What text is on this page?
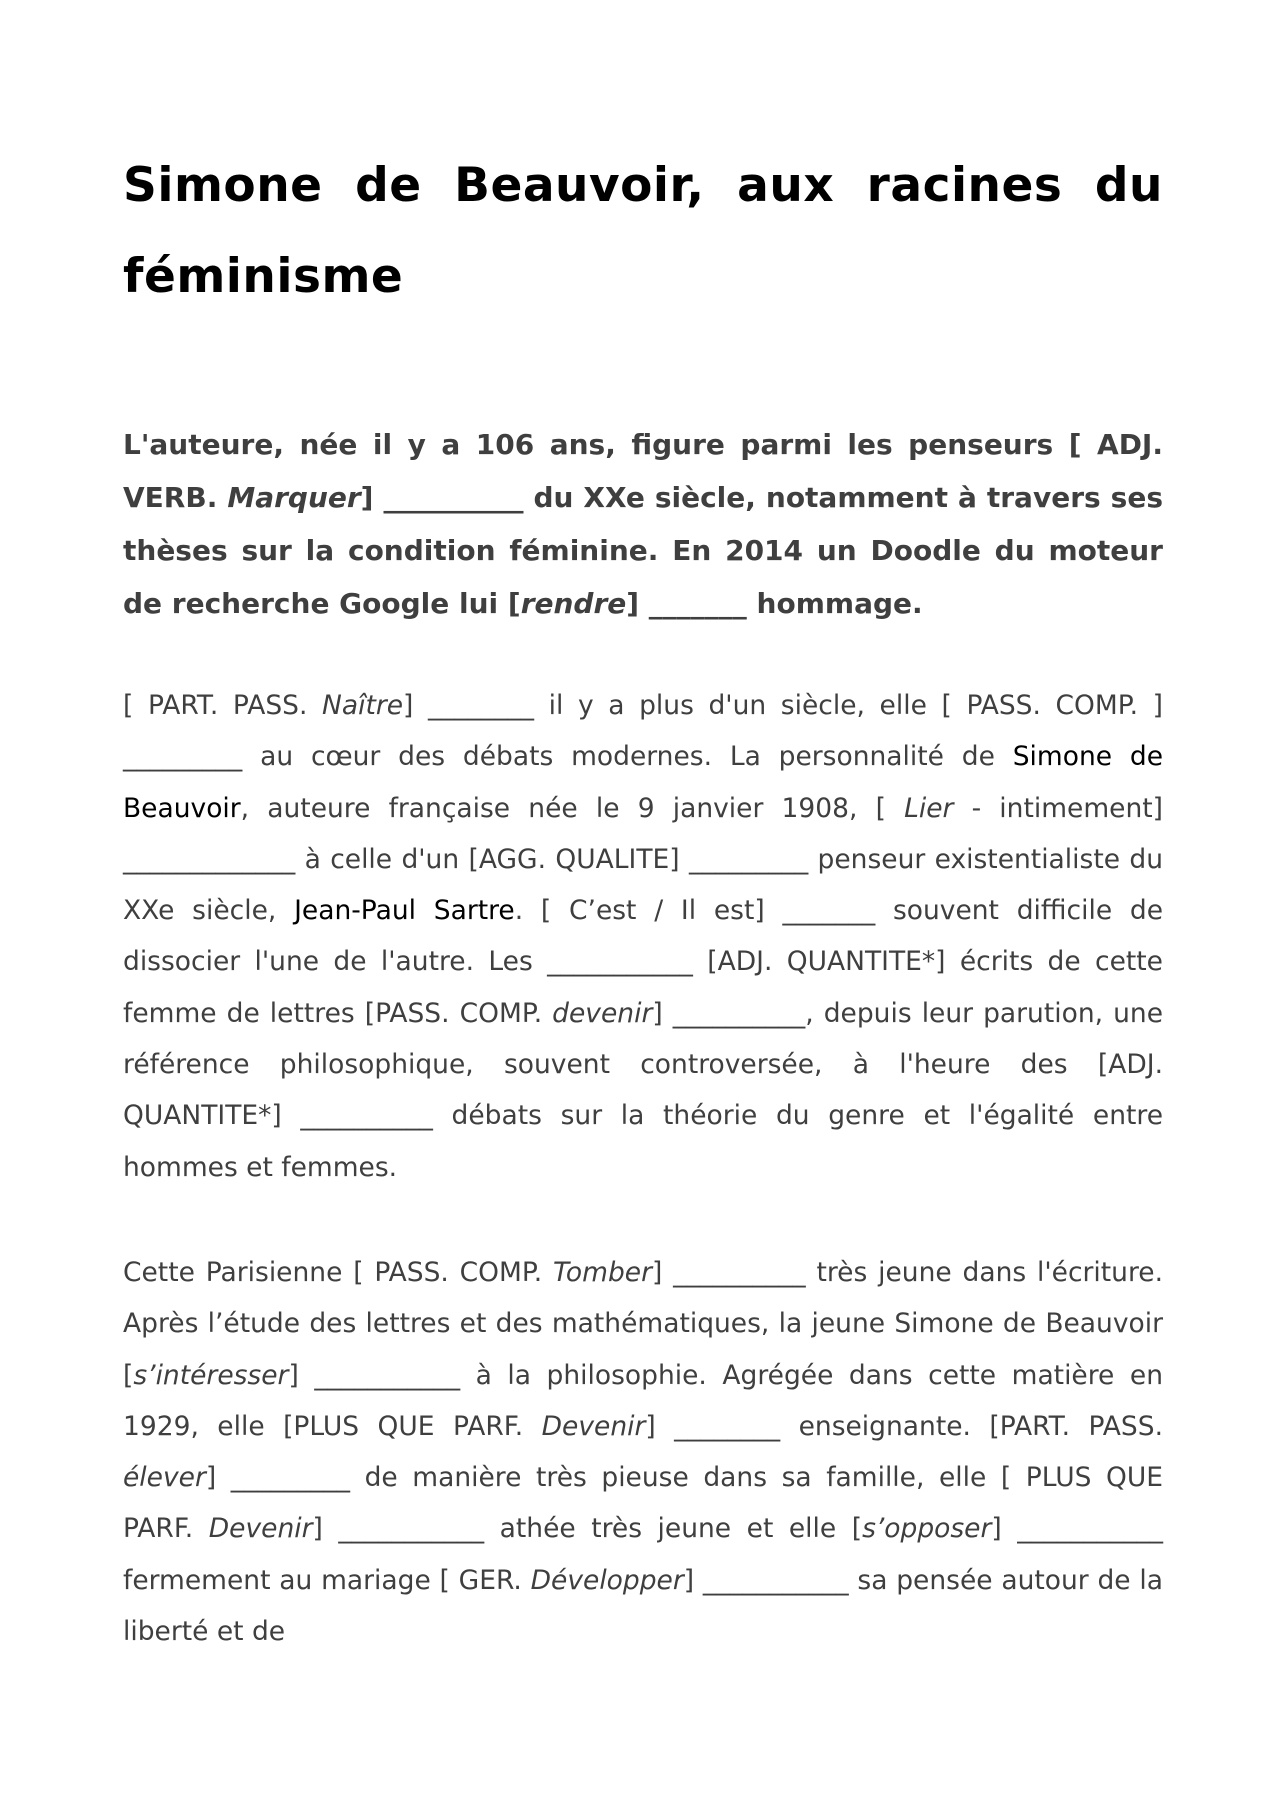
Simone de Beauvoir, aux racines du féminisme

L'auteure, née il y a 106 ans, figure parmi les penseurs [ ADJ. VERB. Marquer] __________ du XXe siècle, notamment à travers ses thèses sur la condition féminine. En 2014 un Doodle du moteur de recherche Google lui [rendre] _______ hommage.

[ PART. PASS. Naître] ________ il y a plus d'un siècle, elle [ PASS. COMP. ] _________ au cœur des débats modernes. La personnalité de Simone de Beauvoir, auteure française née le 9 janvier 1908, [ Lier - intimement] _____________ à celle d'un [AGG. QUALITE] _________ penseur existentialiste du XXe siècle, Jean-Paul Sartre. [ C’est / Il est] _______ souvent difficile de dissocier l'une de l'autre. Les ___________ [ADJ. QUANTITE*] écrits de cette femme de lettres [PASS. COMP. devenir] __________, depuis leur parution, une référence philosophique, souvent controversée, à l'heure des [ADJ. QUANTITE*] __________ débats sur la théorie du genre et l'égalité entre hommes et femmes.

Cette Parisienne [ PASS. COMP. Tomber] __________ très jeune dans l'écriture. Après l’étude des lettres et des mathématiques, la jeune Simone de Beauvoir [s’intéresser] ___________ à la philosophie. Agrégée dans cette matière en 1929, elle [PLUS QUE PARF. Devenir] ________ enseignante. [PART. PASS. élever] _________ de manière très pieuse dans sa famille, elle [ PLUS QUE PARF. Devenir] ___________ athée très jeune et elle [s’opposer] ___________ fermement au mariage [ GER. Développer] ___________ sa pensée autour de la liberté et de
